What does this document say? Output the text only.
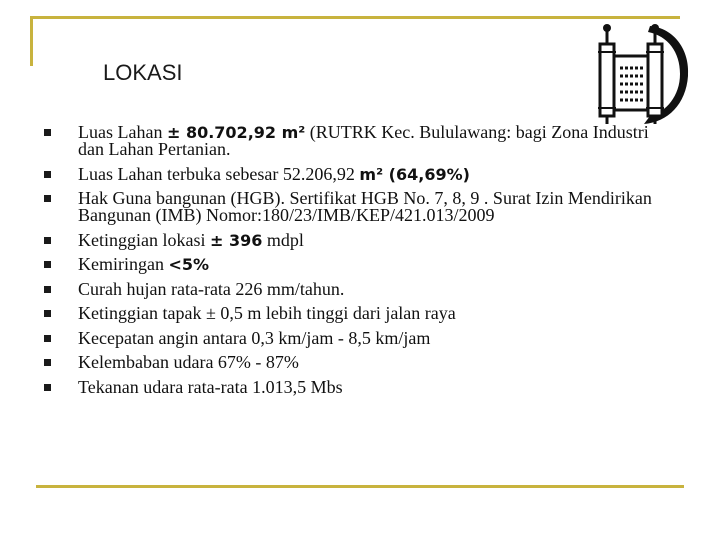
LOKASI
Luas Lahan ± 80.702,92 m² (RUTRK Kec. Bululawang: bagi Zona Industri dan Lahan Pertanian.
Luas Lahan terbuka sebesar 52.206,92 m² (64,69%)
Hak Guna bangunan (HGB). Sertifikat HGB No. 7, 8, 9 . Surat Izin Mendirikan Bangunan (IMB) Nomor:180/23/IMB/KEP/421.013/2009
Ketinggian lokasi ± 396 mdpl
Kemiringan <5%
Curah hujan rata-rata 226 mm/tahun.
Ketinggian tapak ± 0,5 m lebih tinggi dari jalan raya
Kecepatan angin antara 0,3 km/jam - 8,5 km/jam
Kelembaban udara 67% - 87%
Tekanan udara rata-rata 1.013,5 Mbs
